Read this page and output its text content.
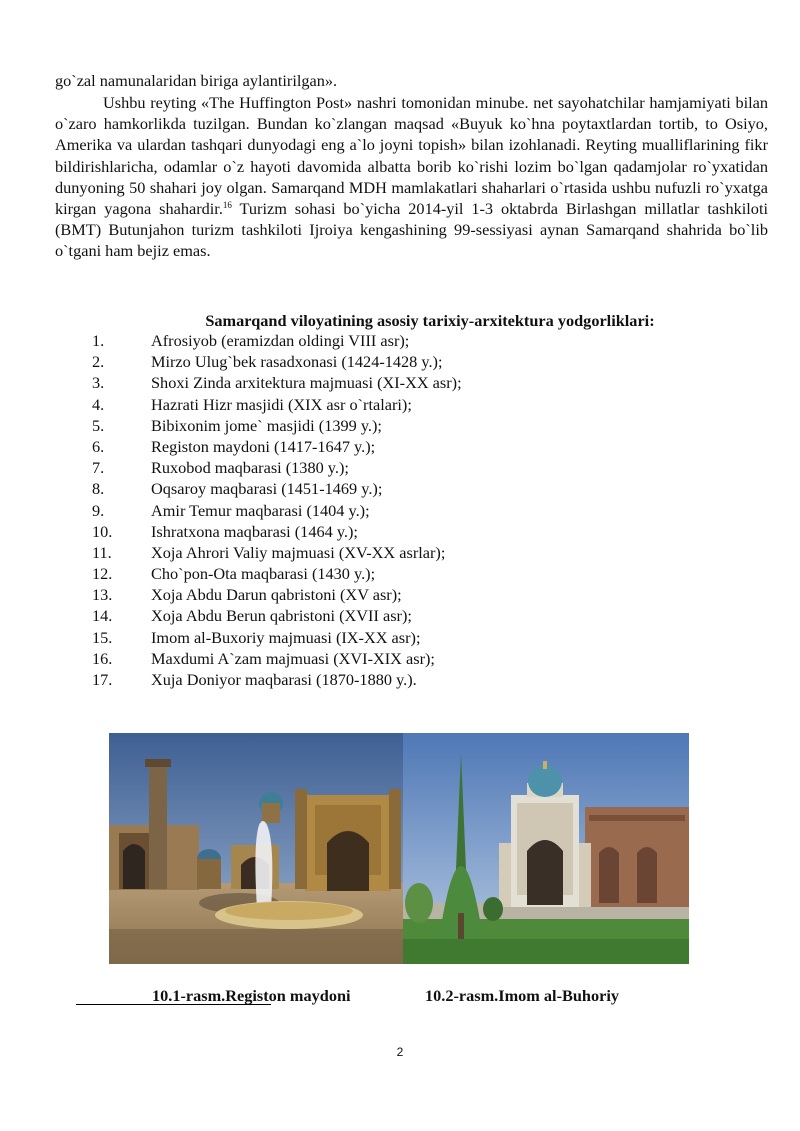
go`zal namunalaridan biriga aylantirilgan».

Ushbu reyting «The Huffington Post» nashri tomonidan minube. net sayohatchilar hamjamiyati bilan o`zaro hamkorlikda tuzilgan. Bundan ko`zlangan maqsad «Buyuk ko`hna poytaxtlardan tortib, to Osiyo, Amerika va ulardan tashqari dunyodagi eng a`lo joyni topish» bilan izohlanadi. Reyting mualliflarining fikr bildirishlaricha, odamlar o`z hayoti davomida albatta borib ko`rishi lozim bo`lgan qadamjolar ro`yxatidan dunyoning 50 shahari joy olgan. Samarqand MDH mamlakatlari shaharlari o`rtasida ushbu nufuzli ro`yxatga kirgan yagona shahardir.$^{16}$ Turizm sohasi bo`yicha 2014-yil 1-3 oktabrda Birlashgan millatlar tashkiloti (BMT) Butunjahon turizm tashkiloti Ijroiya kengashining 99-sessiyasi aynan Samarqand shahrida bo`lib o`tgani ham bejiz emas.

Samarqand viloyatining asosiy tarixiy-arxitektura yodgorliklari:
1.	Afrosiyob (eramizdan oldingi VIII asr);
2.	Mirzo Ulug`bek rasadxonasi (1424-1428 y.);
3.	Shoxi Zinda arxitektura majmuasi (XI-XX asr);
4.	Hazrati Hizr masjidi (XIX asr o`rtalari);
5.	Bibixonim jome` masjidi (1399 y.);
6.	Registon maydoni (1417-1647 y.);
7.	Ruxobod maqbarasi (1380 y.);
8.	Oqsaroy maqbarasi (1451-1469 y.);
9.	Amir Temur maqbarasi (1404 y.);
10. Ishratxona maqbarasi (1464 y.);
11. Xoja Ahrori Valiy majmuasi (XV-XX asrlar);
12. Cho`pon-Ota maqbarasi (1430 y.);
13. Xoja Abdu Darun qabristoni (XV asr);
14. Xoja Abdu Berun qabristoni (XVII asr);
15. Imom al-Buxoriy majmuasi (IX-XX asr);
16. Maxdumi A`zam majmuasi (XVI-XIX asr);
17. Xuja Doniyor maqbarasi (1870-1880 y.).
10.1-rasm.Registon maydoni	10.2-rasm.Imom al-Buhoriy
2
